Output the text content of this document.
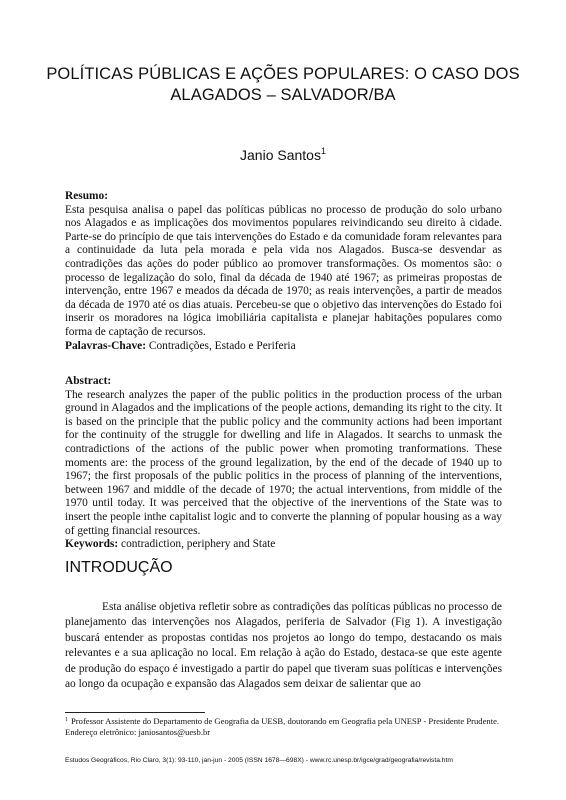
POLÍTICAS PÚBLICAS E AÇÕES POPULARES: O CASO DOS ALAGADOS – SALVADOR/BA
Janio Santos$^1$
Resumo:
Esta pesquisa analisa o papel das políticas públicas no processo de produção do solo urbano nos Alagados e as implicações dos movimentos populares reivindicando seu direito à cidade. Parte-se do princípio de que tais intervenções do Estado e da comunidade foram relevantes para a continuidade da luta pela morada e pela vida nos Alagados. Busca-se desvendar as contradições das ações do poder público ao promover transformações. Os momentos são: o processo de legalização do solo, final da década de 1940 até 1967; as primeiras propostas de intervenção, entre 1967 e meados da década de 1970; as reais intervenções, a partir de meados da década de 1970 até os dias atuais. Percebeu-se que o objetivo das intervenções do Estado foi inserir os moradores na lógica imobiliária capitalista e planejar habitações populares como forma de captação de recursos.
Palavras-Chave: Contradições, Estado e Periferia
Abstract:
The research analyzes the paper of the public politics in the production process of the urban ground in Alagados and the implications of the people actions, demanding its right to the city. It is based on the principle that the public policy and the community actions had been important for the continuity of the struggle for dwelling and life in Alagados. It searchs to unmask the contradictions of the actions of the public power when promoting tranformations. These moments are: the process of the ground legalization, by the end of the decade of 1940 up to 1967; the first proposals of the public politics in the process of planning of the interventions, between 1967 and middle of the decade of 1970; the actual interventions, from middle of the 1970 until today. It was perceived that the objective of the inerventions of the State was to insert the people inthe capitalist logic and to converte the planning of popular housing as a way of getting financial resources.
Keywords: contradiction, periphery and State
INTRODUÇÃO
Esta análise objetiva refletir sobre as contradições das políticas públicas no processo de planejamento das intervenções nos Alagados, periferia de Salvador (Fig 1). A investigação buscará entender as propostas contidas nos projetos ao longo do tempo, destacando os mais relevantes e a sua aplicação no local. Em relação à ação do Estado, destaca-se que este agente de produção do espaço é investigado a partir do papel que tiveram suas políticas e intervenções ao longo da ocupação e expansão das Alagados sem deixar de salientar que ao
$^1$ Professor Assistente do Departamento de Geografia da UESB, doutorando em Geografia pela UNESP - Presidente Prudente. Endereço eletrônico: janiosantos@uesb.br
Estudos Geográficos, Rio Claro, 3(1): 93-110, jan-jun - 2005 (ISSN 1678—698X) - www.rc.unesp.br/igce/grad/geografia/revista.htm
